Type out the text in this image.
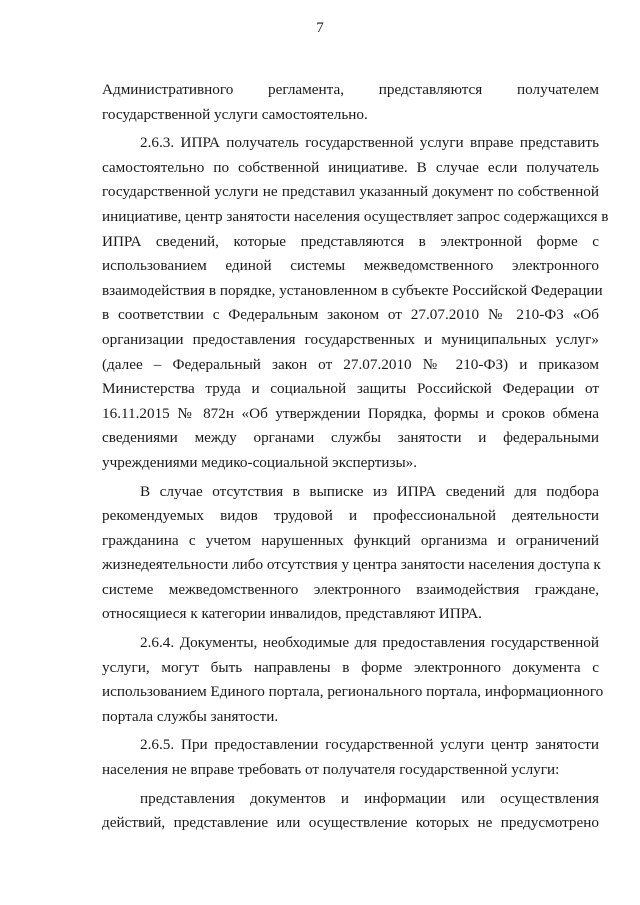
7
Административного регламента, представляются получателем
государственной услуги самостоятельно.
2.6.3. ИПРА получатель государственной услуги вправе представить
самостоятельно по собственной инициативе. В случае если получатель
государственной услуги не представил указанный документ по собственной
инициативе, центр занятости населения осуществляет запрос содержащихся в
ИПРА сведений, которые представляются в электронной форме с
использованием единой системы межведомственного электронного
взаимодействия в порядке, установленном в субъекте Российской Федерации
в соответствии с Федеральным законом от 27.07.2010 № 210-ФЗ «Об
организации предоставления государственных и муниципальных услуг»
(далее – Федеральный закон от 27.07.2010 № 210-ФЗ) и приказом
Министерства труда и социальной защиты Российской Федерации от
16.11.2015 № 872н «Об утверждении Порядка, формы и сроков обмена
сведениями между органами службы занятости и федеральными
учреждениями медико-социальной экспертизы».
В случае отсутствия в выписке из ИПРА сведений для подбора
рекомендуемых видов трудовой и профессиональной деятельности
гражданина с учетом нарушенных функций организма и ограничений
жизнедеятельности либо отсутствия у центра занятости населения доступа к
системе межведомственного электронного взаимодействия граждане,
относящиеся к категории инвалидов, представляют ИПРА.
2.6.4. Документы, необходимые для предоставления государственной
услуги, могут быть направлены в форме электронного документа с
использованием Единого портала, регионального портала, информационного
портала службы занятости.
2.6.5. При предоставлении государственной услуги центр занятости
населения не вправе требовать от получателя государственной услуги:
представления документов и информации или осуществления
действий, представление или осуществление которых не предусмотрено
